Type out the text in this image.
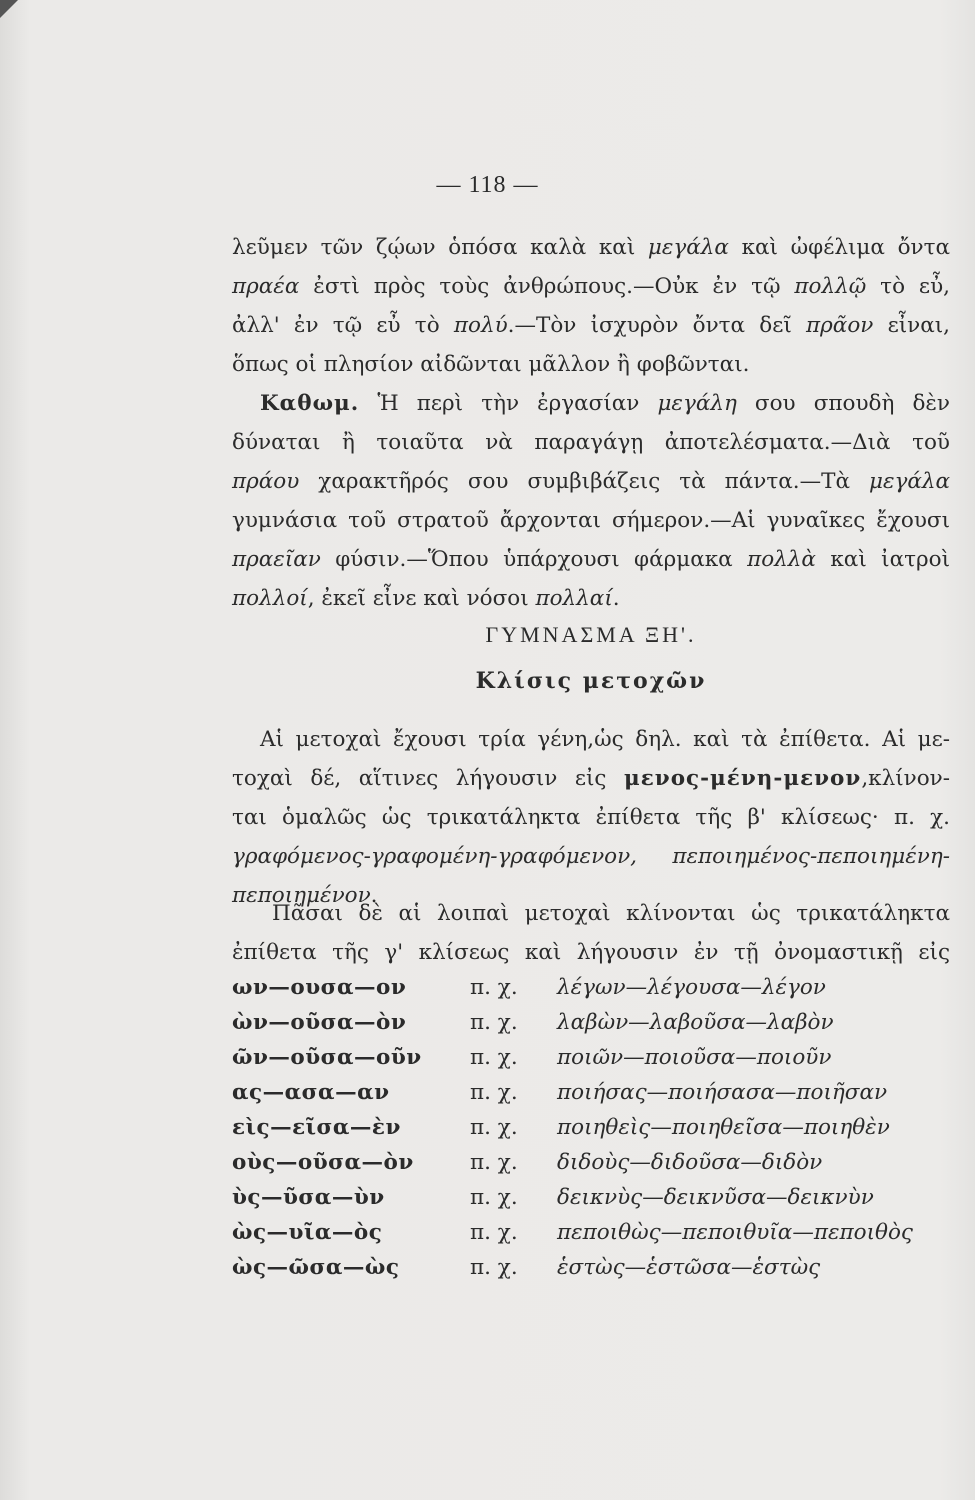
— 118 —
λεῦμεν τῶν ζῴων ὁπόσα καλὰ καὶ μεγάλα καὶ ὠφέλιμα ὄντα
πραέα ἐστὶ πρὸς τοὺς ἀνθρώπους.—Οὐκ ἐν τῷ πολλῷ τὸ εὖ,
ἀλλ' ἐν τῷ εὖ τὸ πολύ.—Τὸν ἰσχυρὸν ὄντα δεῖ πρᾶον εἶναι,
ὅπως οἱ πλησίον αἰδῶνται μᾶλλον ἢ φοβῶνται.
Καθωμ. Ἡ περὶ τὴν ἐργασίαν μεγάλη σου σπουδὴ δὲν
δύναται ἢ τοιαῦτα νὰ παραγάγῃ ἀποτελέσματα.—Διὰ τοῦ
πράου χαρακτῆρός σου συμβιβάζεις τὰ πάντα.—Τὰ μεγάλα
γυμνάσια τοῦ στρατοῦ ἄρχονται σήμερον.—Αἱ γυναῖκες ἔχουσι
πραεῖαν φύσιν.—Ὅπου ὑπάρχουσι φάρμακα πολλὰ καὶ ἰατροὶ
πολλοί, ἐκεῖ εἶνε καὶ νόσοι πολλαί.
ΓΥΜΝΑΣΜΑ ΞΗ'.
Κλίσις μετοχῶν
Αἱ μετοχαὶ ἔχουσι τρία γένη,ὡς δηλ. καὶ τὰ ἐπίθετα. Αἱ με-
τοχαὶ δέ, αἵτινες λήγουσιν εἰς μενος-μένη-μενον,κλίνον-
ται ὁμαλῶς ὡς τρικατάληκτα ἐπίθετα τῆς β' κλίσεως· π. χ.
γραφόμενος-γραφομένη-γραφόμενον, πεποιημένος-πεποιημένη-
πεποιημένον.
Πᾶσαι δὲ αἱ λοιπαὶ μετοχαὶ κλίνονται ὡς τρικατάληκτα
ἐπίθετα τῆς γ' κλίσεως καὶ λήγουσιν ἐν τῇ ὀνομαστικῇ εἰς
ων—ουσα—ον	π. χ. λέγων—λέγουσα—λέγον
ὼν—οῦσα—ὸν	π. χ. λαβὼν—λαβοῦσα—λαβὸν
ῶν—οῦσα—οῦν π. χ. ποιῶν—ποιοῦσα—ποιοῦν
ας—ασα—αν	π. χ. ποιήσας—ποιήσασα—ποιῆσαν
εὶς—εῖσα—ὲν	π. χ. ποιηθεὶς—ποιηθεῖσα—ποιηθὲν
οὺς—οῦσα—ὸν	π. χ. διδοὺς—διδοῦσα—διδὸν
ὺς—ῦσα—ὺν	π. χ. δεικνὺς—δεικνῦσα—δεικνὺν
ὼς—υῖα—ὸς	π. χ. πεποιθὼς—πεποιθυῖα—πεποιθὸς
ὼς—ῶσα—ὼς	π. χ. ἑστὼς—ἑστῶσα—ἑστὼς
